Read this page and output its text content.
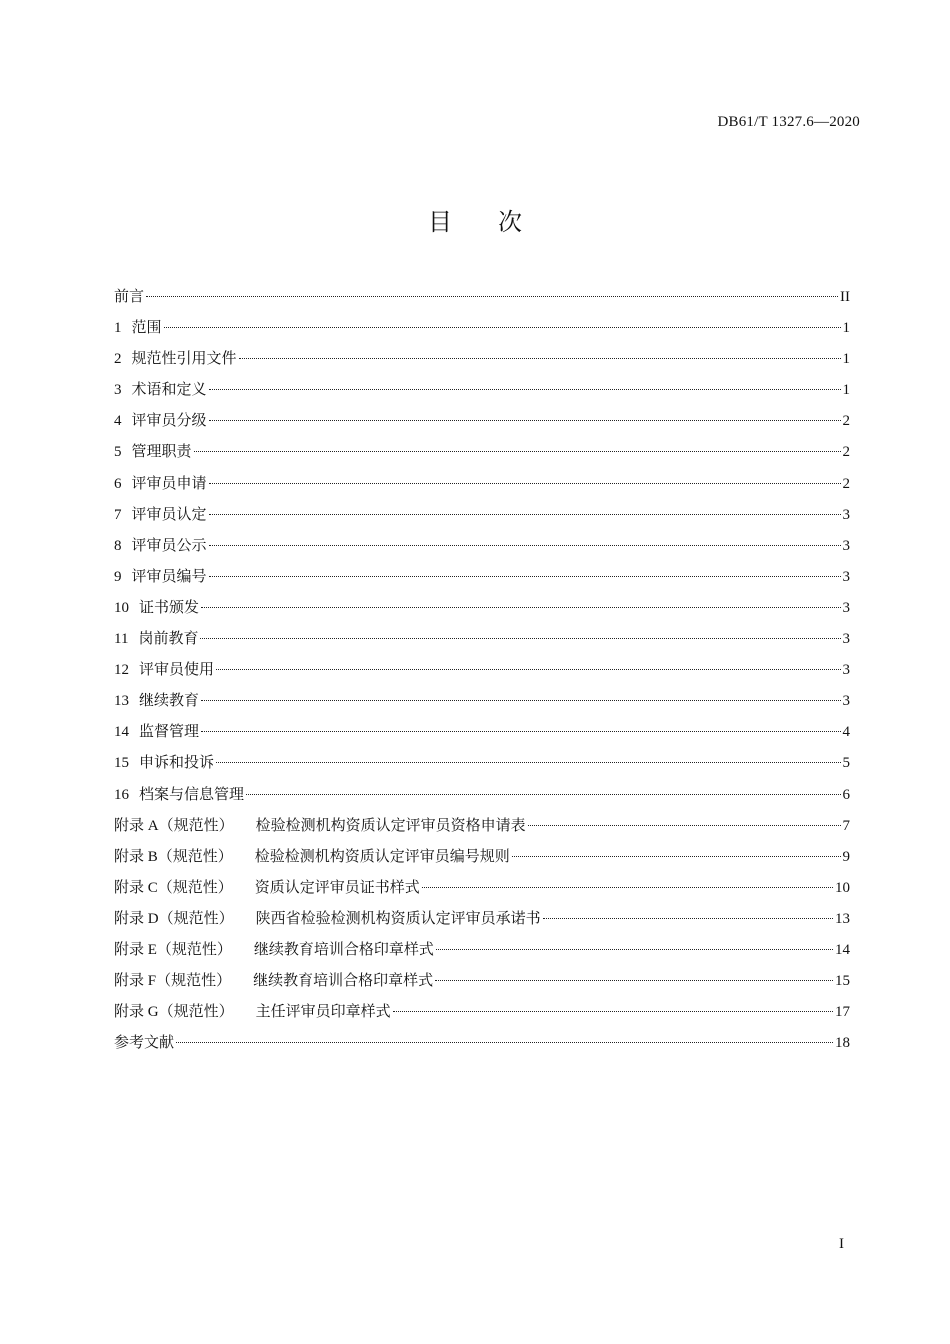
DB61/T 1327.6—2020
目次
前言	II
1 范围	1
2 规范性引用文件	1
3 术语和定义	1
4 评审员分级	2
5 管理职责	2
6 评审员申请	2
7 评审员认定	3
8 评审员公示	3
9 评审员编号	3
10 证书颁发	3
11 岗前教育	3
12 评审员使用	3
13 继续教育	3
14 监督管理	4
15 申诉和投诉	5
16 档案与信息管理	6
附录 A（规范性） 检验检测机构资质认定评审员资格申请表	7
附录 B（规范性） 检验检测机构资质认定评审员编号规则	9
附录 C（规范性） 资质认定评审员证书样式	10
附录 D（规范性） 陕西省检验检测机构资质认定评审员承诺书	13
附录 E（规范性） 继续教育培训合格印章样式	14
附录 F（规范性） 继续教育培训合格印章样式	15
附录 G（规范性） 主任评审员印章样式	17
参考文献	18
I
